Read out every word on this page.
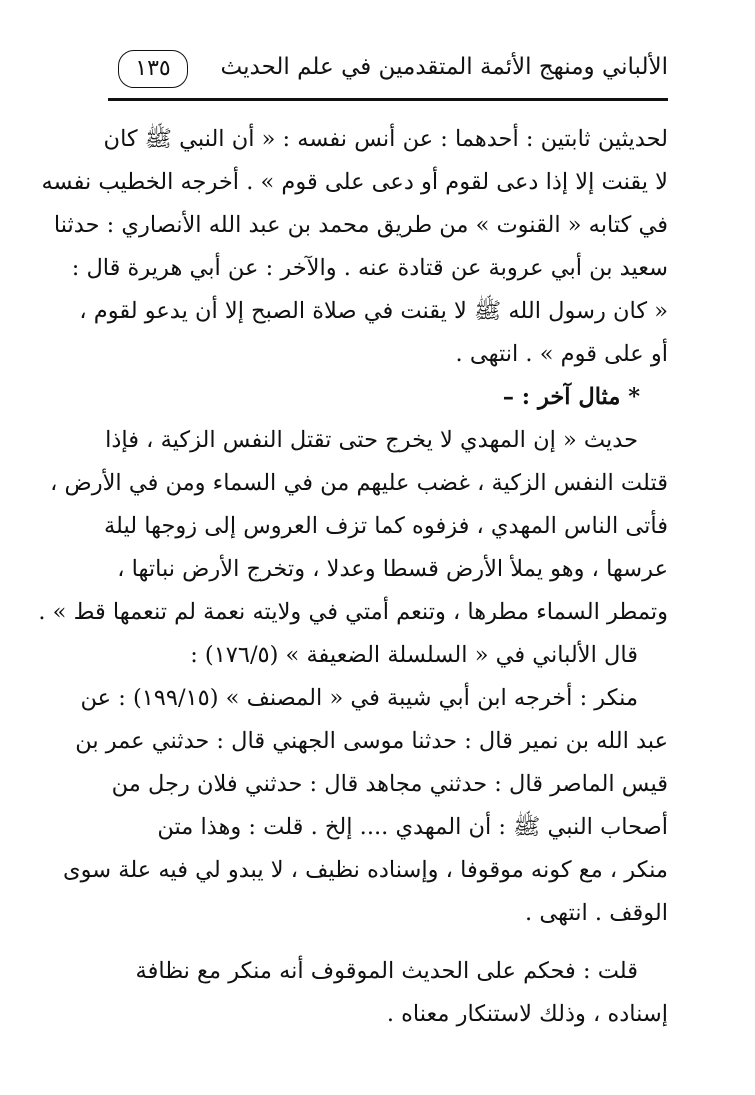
الألباني ومنهج الأئمة المتقدمين في علم الحديث
١٣٥
لحديثين ثابتين : أحدهما : عن أنس نفسه : « أن النبي ﷺ كان
لا يقنت إلا إذا دعى لقوم أو دعى على قوم » . أخرجه الخطيب نفسه
في كتابه « القنوت » من طريق محمد بن عبد الله الأنصاري : حدثنا
سعيد بن أبي عروبة عن قتادة عنه . والآخر : عن أبي هريرة قال :
« كان رسول الله ﷺ لا يقنت في صلاة الصبح إلا أن يدعو لقوم ،
أو على قوم » . انتهى .
* مثال آخر : –
حديث « إن المهدي لا يخرج حتى تقتل النفس الزكية ، فإذا
قتلت النفس الزكية ، غضب عليهم من في السماء ومن في الأرض ،
فأتى الناس المهدي ، فزفوه كما تزف العروس إلى زوجها ليلة
عرسها ، وهو يملأ الأرض قسطا وعدلا ، وتخرج الأرض نباتها ،
وتمطر السماء مطرها ، وتنعم أمتي في ولايته نعمة لم تنعمها قط » .
قال الألباني في « السلسلة الضعيفة » (١٧٦/٥) :
منكر : أخرجه ابن أبي شيبة في « المصنف » (١٩٩/١٥) : عن
عبد الله بن نمير قال : حدثنا موسى الجهني قال : حدثني عمر بن
قيس الماصر قال : حدثني مجاهد قال : حدثني فلان رجل من
أصحاب النبي ﷺ : أن المهدي .... إلخ . قلت : وهذا متن
منكر ، مع كونه موقوفا ، وإسناده نظيف ، لا يبدو لي فيه علة سوى
الوقف . انتهى .
قلت : فحكم على الحديث الموقوف أنه منكر مع نظافة
إسناده ، وذلك لاستنكار معناه .
